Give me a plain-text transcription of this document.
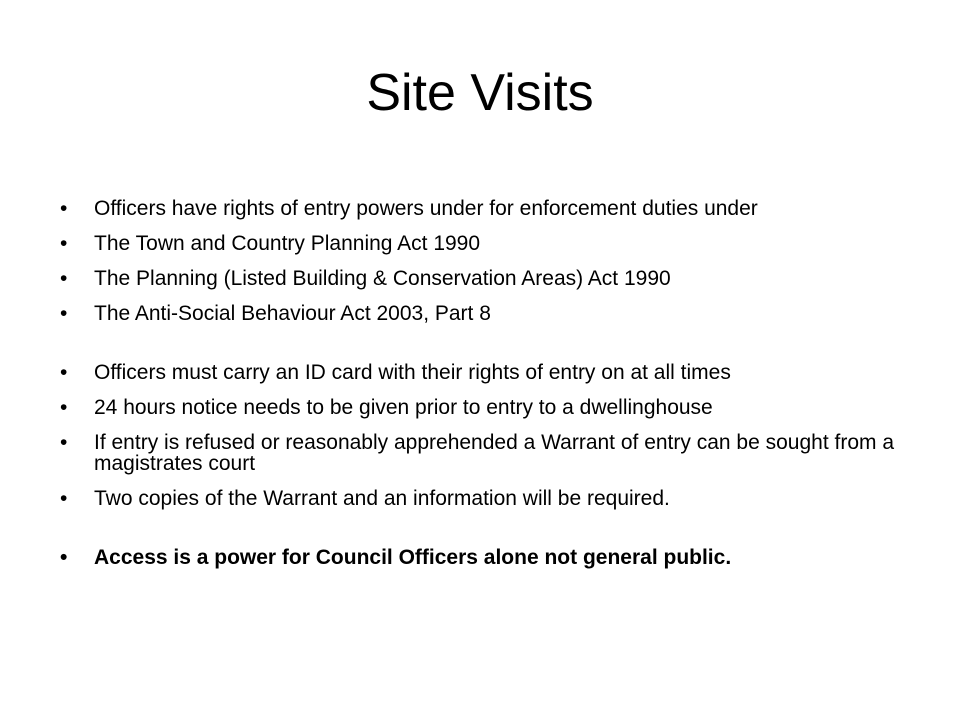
Site Visits
• Officers have rights of entry powers under for enforcement duties under
• The Town and Country Planning Act 1990
• The Planning (Listed Building & Conservation Areas) Act 1990
• The Anti-Social Behaviour Act 2003, Part 8
• Officers must carry an ID card with their rights of entry on at all times
• 24 hours notice needs to be given prior to entry to a dwellinghouse
• If entry is refused or reasonably apprehended a Warrant of entry can be sought from a magistrates court
• Two copies of the Warrant and an information will be required.
• Access is a power for Council Officers alone not general public.
